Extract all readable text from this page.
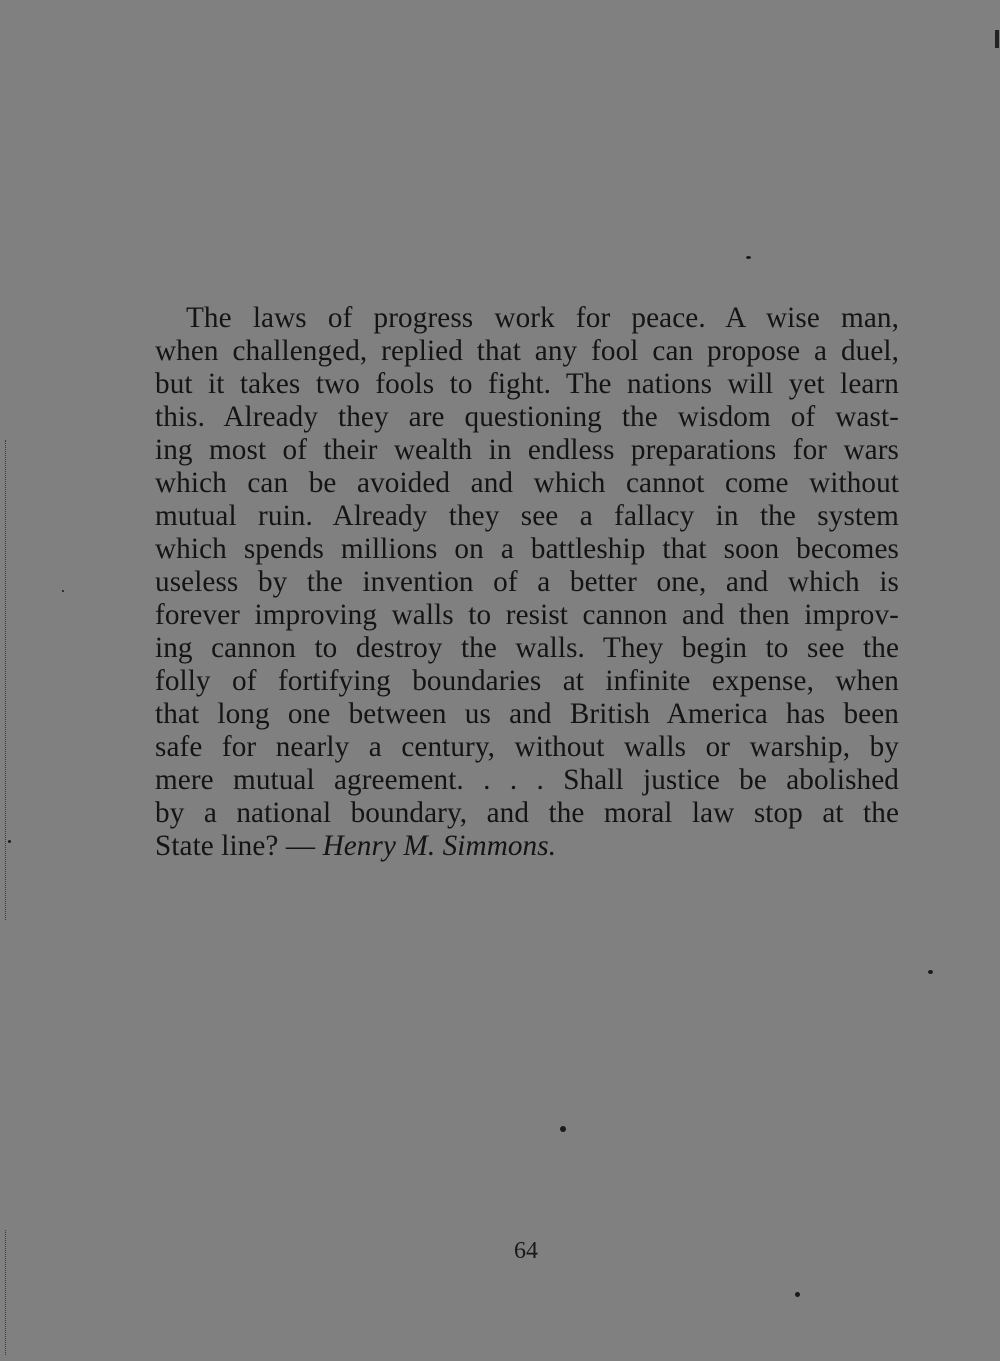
The laws of progress work for peace. A wise man,
when challenged, replied that any fool can propose a duel,
but it takes two fools to fight. The nations will yet learn
this. Already they are questioning the wisdom of wast-
ing most of their wealth in endless preparations for wars
which can be avoided and which cannot come without
mutual ruin. Already they see a fallacy in the system
which spends millions on a battleship that soon becomes
useless by the invention of a better one, and which is
forever improving walls to resist cannon and then improv-
ing cannon to destroy the walls. They begin to see the
folly of fortifying boundaries at infinite expense, when
that long one between us and British America has been
safe for nearly a century, without walls or warship, by
mere mutual agreement. . . . Shall justice be abolished
by a national boundary, and the moral law stop at the
State line? — Henry M. Simmons.
64
